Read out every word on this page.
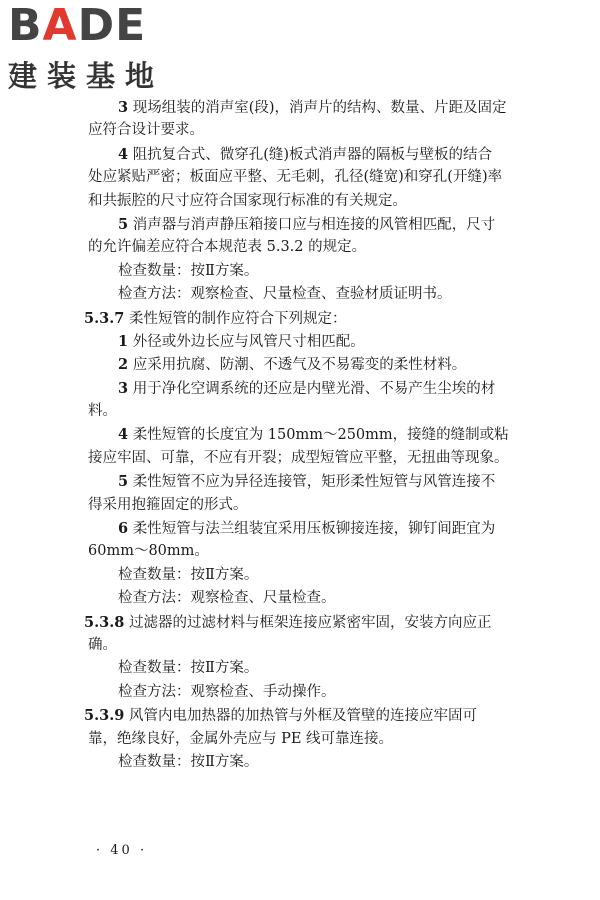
BADE
建装基地
3 现场组装的消声室(段)，消声片的结构、数量、片距及固定
应符合设计要求。
4 阻抗复合式、微穿孔(缝)板式消声器的隔板与壁板的结合
处应紧贴严密；板面应平整、无毛刺，孔径(缝宽)和穿孔(开缝)率
和共振腔的尺寸应符合国家现行标准的有关规定。
5 消声器与消声静压箱接口应与相连接的风管相匹配，尺寸
的允许偏差应符合本规范表 5.3.2 的规定。
检查数量：按Ⅱ方案。
检查方法：观察检查、尺量检查、查验材质证明书。
5.3.7 柔性短管的制作应符合下列规定：
1 外径或外边长应与风管尺寸相匹配。
2 应采用抗腐、防潮、不透气及不易霉变的柔性材料。
3 用于净化空调系统的还应是内壁光滑、不易产生尘埃的材
料。
4 柔性短管的长度宜为 150mm～250mm，接缝的缝制或粘
接应牢固、可靠，不应有开裂；成型短管应平整，无扭曲等现象。
5 柔性短管不应为异径连接管，矩形柔性短管与风管连接不
得采用抱箍固定的形式。
6 柔性短管与法兰组装宜采用压板铆接连接，铆钉间距宜为
60mm～80mm。
检查数量：按Ⅱ方案。
检查方法：观察检查、尺量检查。
5.3.8 过滤器的过滤材料与框架连接应紧密牢固，安装方向应正
确。
检查数量：按Ⅱ方案。
检查方法：观察检查、手动操作。
5.3.9 风管内电加热器的加热管与外框及管壁的连接应牢固可
靠，绝缘良好，金属外壳应与 PE 线可靠连接。
检查数量：按Ⅱ方案。
· 40 ·
